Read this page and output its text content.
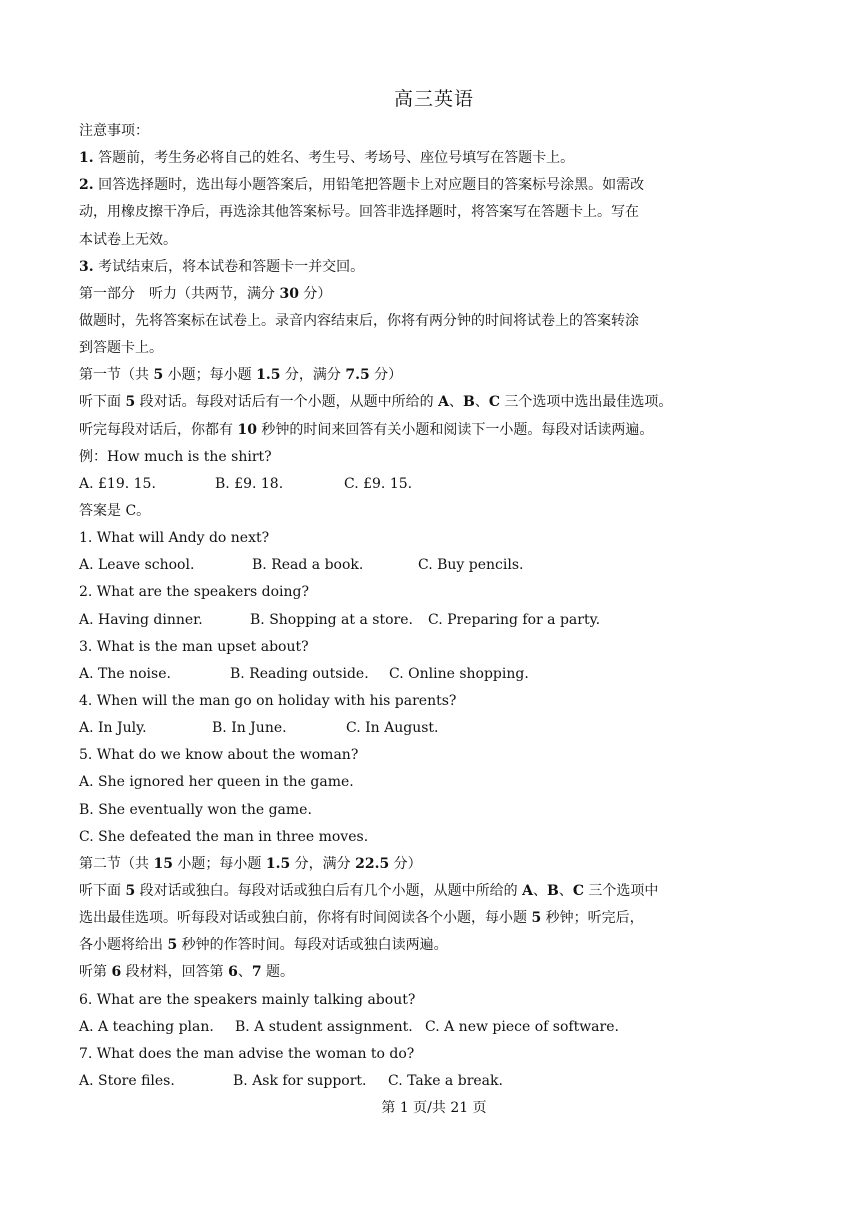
高三英语
注意事项：
1. 答题前，考生务必将自己的姓名、考生号、考场号、座位号填写在答题卡上。
2. 回答选择题时，选出每小题答案后，用铅笔把答题卡上对应题目的答案标号涂黑。如需改
动，用橡皮擦干净后，再选涂其他答案标号。回答非选择题时，将答案写在答题卡上。写在
本试卷上无效。
3. 考试结束后，将本试卷和答题卡一并交回。
第一部分　听力（共两节，满分 30 分）
做题时，先将答案标在试卷上。录音内容结束后，你将有两分钟的时间将试卷上的答案转涂
到答题卡上。
第一节（共 5 小题；每小题 1.5 分，满分 7.5 分）
听下面 5 段对话。每段对话后有一个小题，从题中所给的 A、B、C 三个选项中选出最佳选项。
听完每段对话后，你都有 10 秒钟的时间来回答有关小题和阅读下一小题。每段对话读两遍。
例：How much is the shirt?
A. £19. 15.	B. £9. 18.	C. £9. 15.
答案是 C。
1. What will Andy do next?
A. Leave school.	B. Read a book.	C. Buy pencils.
2. What are the speakers doing?
A. Having dinner.	B. Shopping at a store.	C. Preparing for a party.
3. What is the man upset about?
A. The noise.	B. Reading outside.	C. Online shopping.
4. When will the man go on holiday with his parents?
A. In July.	B. In June.	C. In August.
5. What do we know about the woman?
A. She ignored her queen in the game.
B. She eventually won the game.
C. She defeated the man in three moves.
第二节（共 15 小题；每小题 1.5 分，满分 22.5 分）
听下面 5 段对话或独白。每段对话或独白后有几个小题，从题中所给的 A、B、C 三个选项中
选出最佳选项。听每段对话或独白前，你将有时间阅读各个小题，每小题 5 秒钟；听完后，
各小题将给出 5 秒钟的作答时间。每段对话或独白读两遍。
听第 6 段材料，回答第 6、7 题。
6. What are the speakers mainly talking about?
A. A teaching plan.	B. A student assignment. C. A new piece of software.
7. What does the man advise the woman to do?
A. Store files.	B. Ask for support.	C. Take a break.
第 1 页/共 21 页
